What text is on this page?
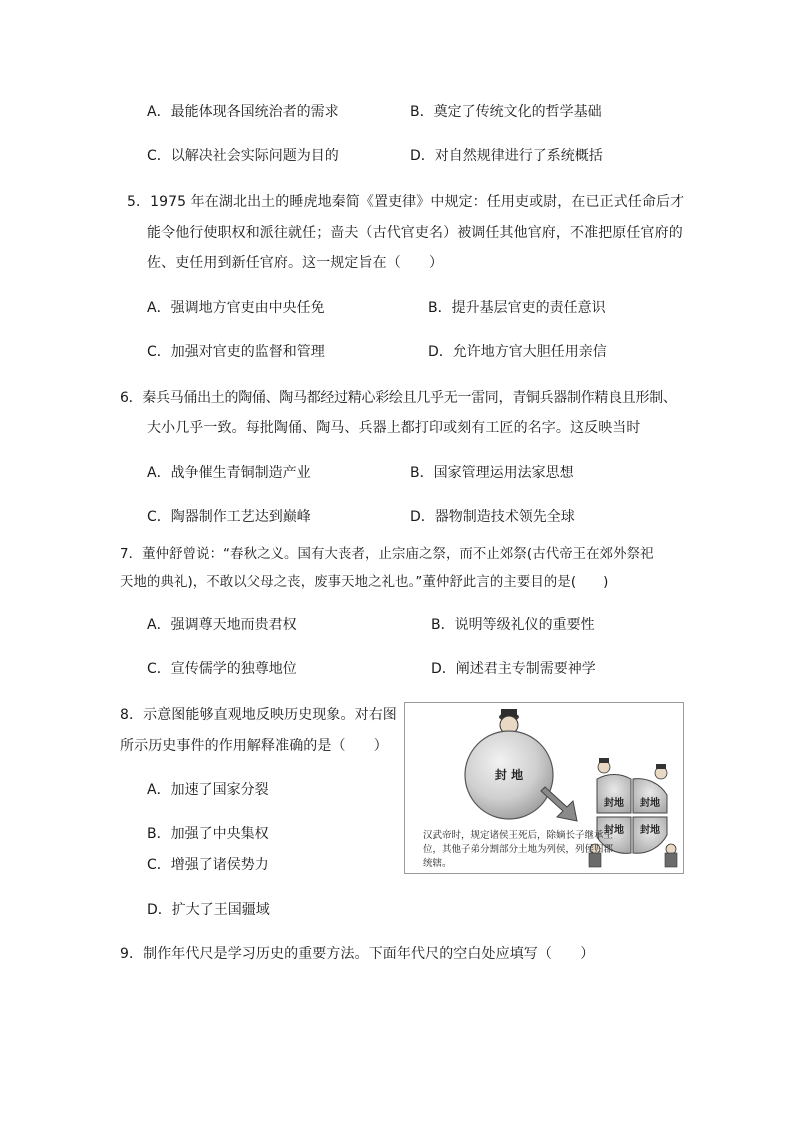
A．最能体现各国统治者的需求	B．奠定了传统文化的哲学基础
C．以解决社会实际问题为目的	D．对自然规律进行了系统概括
5．1975 年在湖北出土的睡虎地秦简《置吏律》中规定：任用吏或尉，在已正式任命后才
能令他行使职权和派往就任；啬夫（古代官吏名）被调任其他官府，不准把原任官府的
佐、吏任用到新任官府。这一规定旨在（　　）
A．强调地方官吏由中央任免	B．提升基层官吏的责任意识
C．加强对官吏的监督和管理	D．允许地方官大胆任用亲信
6．秦兵马俑出土的陶俑、陶马都经过精心彩绘且几乎无一雷同，青铜兵器制作精良且形制、
大小几乎一致。每批陶俑、陶马、兵器上都打印或刻有工匠的名字。这反映当时
A．战争催生青铜制造产业	B．国家管理运用法家思想
C．陶器制作工艺达到巅峰	D．器物制造技术领先全球
7．董仲舒曾说：“春秋之义。国有大丧者，止宗庙之祭，而不止郊祭(古代帝王在郊外祭祀
天地的典礼)，不敢以父母之丧，废事天地之礼也。”董仲舒此言的主要目的是(　　)
A．强调尊天地而贵君权	B．说明等级礼仪的重要性
C．宣传儒学的独尊地位	D．阐述君主专制需要神学
8．示意图能够直观地反映历史现象。对右图
所示历史事件的作用解释准确的是（　　）
A．加速了国家分裂
B．加强了中央集权
C．增强了诸侯势力
D．扩大了王国疆域
封 地
封地 封地
封地 封地
汉武帝时，规定诸侯王死后，除嫡长子继承王位，其他子弟分割部分土地为列侯，列侯归郡统辖。
9．制作年代尺是学习历史的重要方法。下面年代尺的空白处应填写（　　）
